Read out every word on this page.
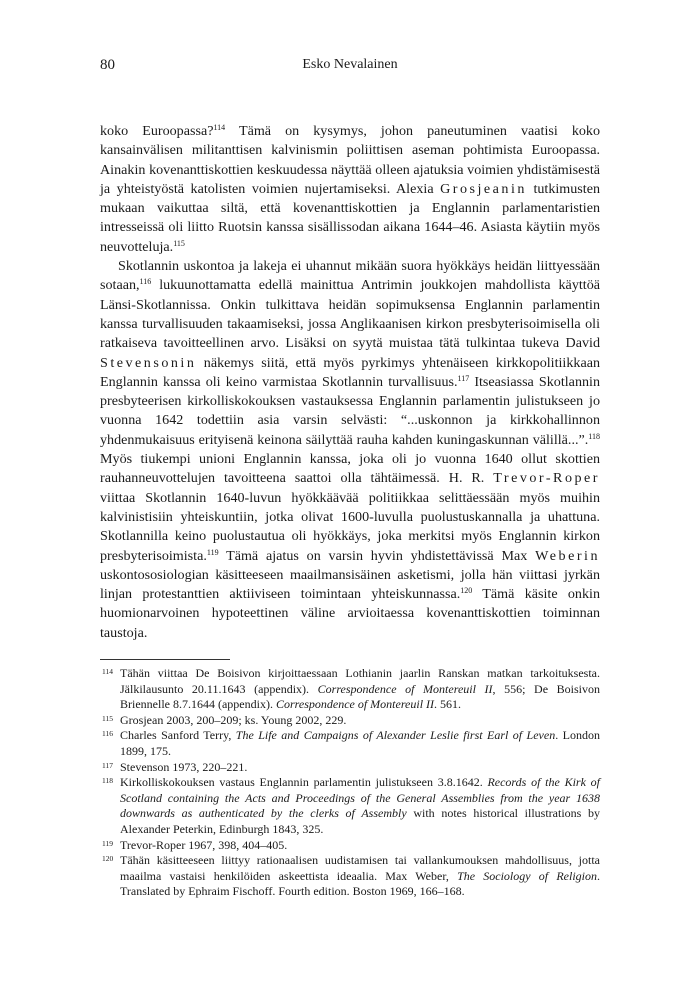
80	Esko Nevalainen

koko Euroopassa?$^{114}$ Tämä on kysymys, johon paneutuminen vaatisi koko kansainvälisen militanttisen kalvinismin poliittisen aseman pohtimista Euroopassa. Ainakin kovenanttiskottien keskuudessa näyttää olleen ajatuksia voimien yhdistämisestä ja yhteistyöstä katolisten voimien nujertamiseksi. Alexia Grosjeanin tutkimusten mukaan vaikuttaa siltä, että kovenanttiskottien ja Englannin parlamentaristien intresseissä oli liitto Ruotsin kanssa sisällissodan aikana 1644–46. Asiasta käytiin myös neuvotteluja.$^{115}$

Skotlannin uskontoa ja lakeja ei uhannut mikään suora hyökkäys heidän liittyessään sotaan,$^{116}$ lukuunottamatta edellä mainittua Antrimin joukkojen mahdollista käyttöä Länsi-Skotlannissa. Onkin tulkittava heidän sopimuksensa Englannin parlamentin kanssa turvallisuuden takaamiseksi, jossa Anglikaanisen kirkon presbyterisoimisella oli ratkaiseva tavoitteellinen arvo. Lisäksi on syytä muistaa tätä tulkintaa tukeva David Stevensonin näkemys siitä, että myös pyrkimys yhtenäiseen kirkkopolitiikkaan Englannin kanssa oli keino varmistaa Skotlannin turvallisuus.$^{117}$ Itseasiassa Skotlannin presbyteerisen kirkolliskokouksen vastauksessa Englannin parlamentin julistukseen jo vuonna 1642 todettiin asia varsin selvästi: “...uskonnon ja kirkkohallinnon yhdenmukaisuus erityisenä keinona säilyttää rauha kahden kuningaskunnan välillä...”.$^{118}$ Myös tiukempi unioni Englannin kanssa, joka oli jo vuonna 1640 ollut skottien rauhanneuvottelujen tavoitteena saattoi olla tähtäimessä. H. R. Trevor-Roper viittaa Skotlannin 1640-luvun hyökkäävää politiikkaa selittäessään myös muihin kalvinistisiin yhteiskuntiin, jotka olivat 1600-luvulla puolustuskannalla ja uhattuna. Skotlannilla keino puolustautua oli hyökkäys, joka merkitsi myös Englannin kirkon presbyterisoimista.$^{119}$ Tämä ajatus on varsin hyvin yhdistettävissä Max Weberin uskontososiologian käsitteeseen maailmansisäinen asketismi, jolla hän viittasi jyrkän linjan protestanttien aktiiviseen toimintaan yhteiskunnassa.$^{120}$ Tämä käsite onkin huomionarvoinen hypoteettinen väline arvioitaessa kovenanttiskottien toiminnan taustoja.

114 Tähän viittaa De Boisivon kirjoittaessaan Lothianin jaarlin Ranskan matkan tarkoituksesta. Jälkilausunto 20.11.1643 (appendix). Correspondence of Montereuil II, 556; De Boisivon Briennelle 8.7.1644 (appendix). Correspondence of Montereuil II. 561.
115 Grosjean 2003, 200–209; ks. Young 2002, 229.
116 Charles Sanford Terry, The Life and Campaigns of Alexander Leslie first Earl of Leven. London 1899, 175.
117 Stevenson 1973, 220–221.
118 Kirkolliskokouksen vastaus Englannin parlamentin julistukseen 3.8.1642. Records of the Kirk of Scotland containing the Acts and Proceedings of the General Assemblies from the year 1638 downwards as authenticated by the clerks of Assembly with notes historical illustrations by Alexander Peterkin, Edinburgh 1843, 325.
119 Trevor-Roper 1967, 398, 404–405.
120 Tähän käsitteeseen liittyy rationaalisen uudistamisen tai vallankumouksen mahdollisuus, jotta maailma vastaisi henkilöiden askeettista ideaalia. Max Weber, The Sociology of Religion. Translated by Ephraim Fischoff. Fourth edition. Boston 1969, 166–168.
